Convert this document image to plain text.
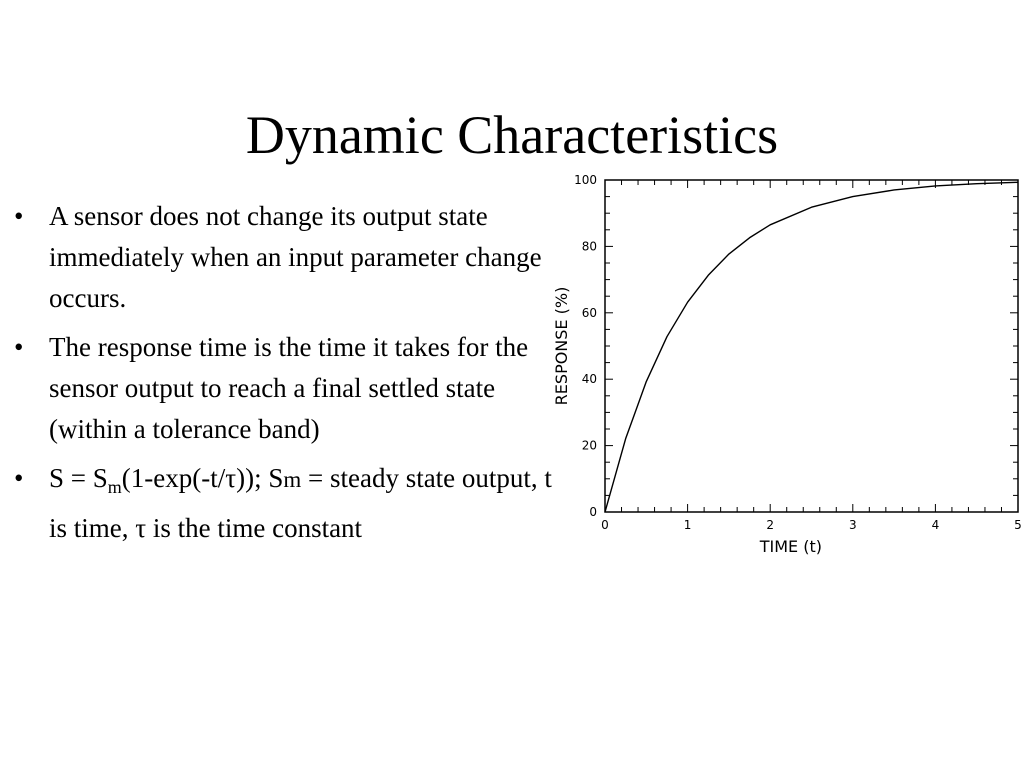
Dynamic Characteristics
• A sensor does not change its output state immediately when an input parameter change occurs.
• The response time is the time it takes for the sensor output to reach a final settled state (within a tolerance band)
• $S = S_m(1-\exp(-t/\tau))$; Sm = steady state output, t is time, τ is the time constant	0	1	2	3	4	5
0
20
40
60
80
100
TIME (t)
RESPONSE (%)
